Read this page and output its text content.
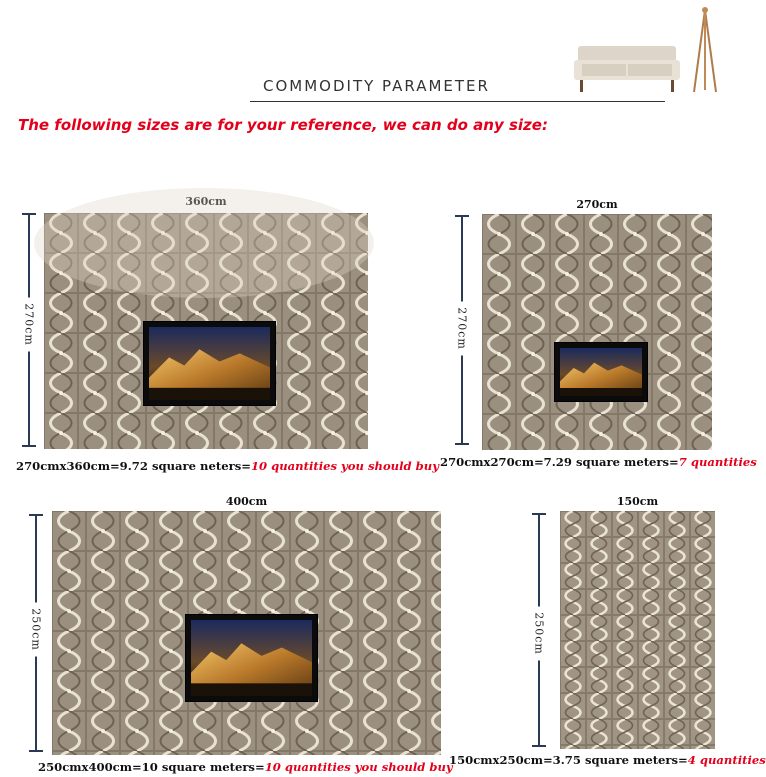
COMMODITY PARAMETER
The following sizes are for your reference, we can do any size:
360cm
270cm
270cmx360cm=9.72 square neters=10 quantities you should buy
270cm
270cm
270cmx270cm=7.29 square meters=7 quantities
400cm
250cm
250cmx400cm=10 square meters=10 quantities you should buy
150cm
250cm
150cmx250cm=3.75 square meters=4 quantities
